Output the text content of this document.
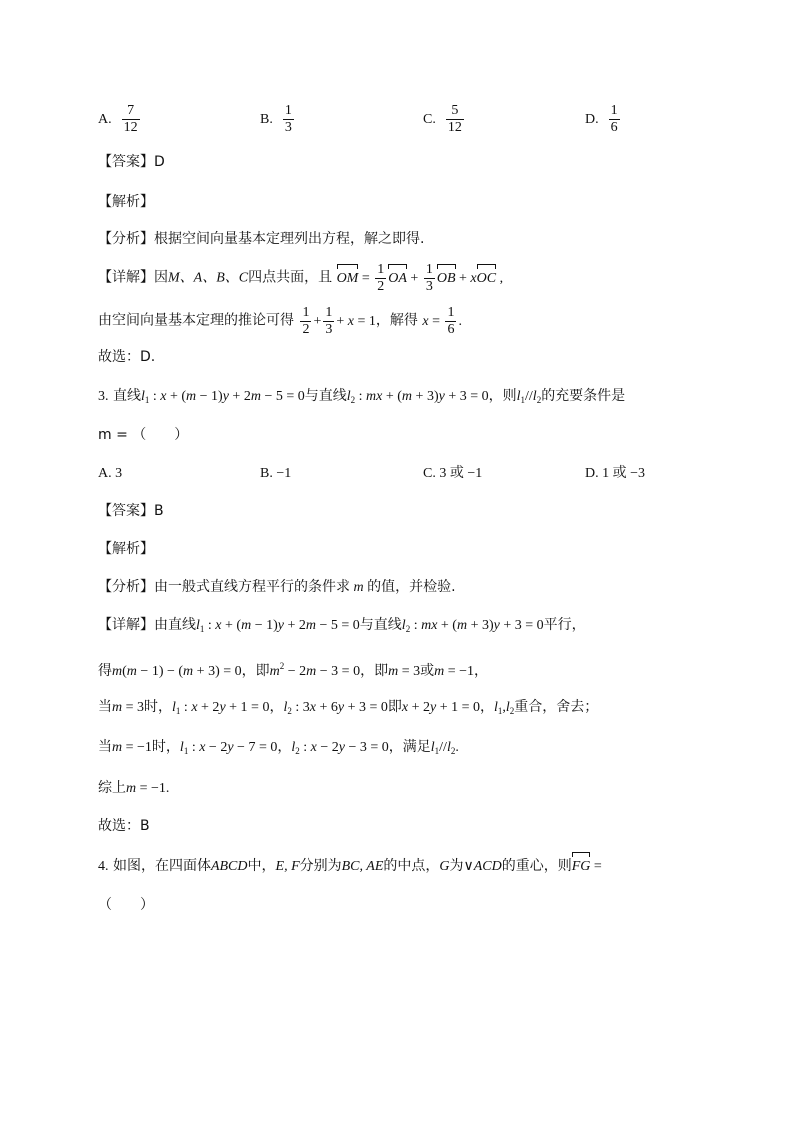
A. $\frac{7}{12}$	B. $\frac{1}{3}$	C. $\frac{5}{12}$	D. $\frac{1}{6}$
【答案】D
【解析】
【分析】根据空间向量基本定理列出方程，解之即得.
【详解】因M、A、B、C四点共面，且 OM = $\frac{1}{2}$ OA + $\frac{1}{3}$ OB + xOC ,
由空间向量基本定理的推论可得 $\frac{1}{2} + \frac{1}{3} + x = 1$，解得 $x = \frac{1}{6}$ .
故选：D.
3. 直线$l_1$ : x + (m − 1)y + 2m − 5 = 0与直线$l_2$ : mx + (m + 3)y + 3 = 0，则$l_1//l_2$的充要条件是
m = （　　）
A. 3	B. −1	C. 3 或 −1	D. 1 或 −3
【答案】B
【解析】
【分析】由一般式直线方程平行的条件求 m 的值，并检验.
【详解】由直线$l_1$ : x + (m − 1)y + 2m − 5 = 0与直线$l_2$ : mx + (m + 3)y + 3 = 0平行，
得m(m − 1) − (m + 3) = 0，即$m^2 - 2m - 3 = 0$，即m = 3或m = −1，
当m = 3时，$l_1$ : x + 2y + 1 = 0，$l_2$ : 3x + 6y + 3 = 0即x + 2y + 1 = 0，$l_1,l_2$重合，舍去；
当m = −1时，$l_1$ : x − 2y − 7 = 0，$l_2$ : x − 2y − 3 = 0，满足$l_1//l_2$.
综上m = −1.
故选：B
4. 如图，在四面体ABCD中，E, F分别为BC, AE的中点，G为∨ACD的重心，则FG =
（　　）
